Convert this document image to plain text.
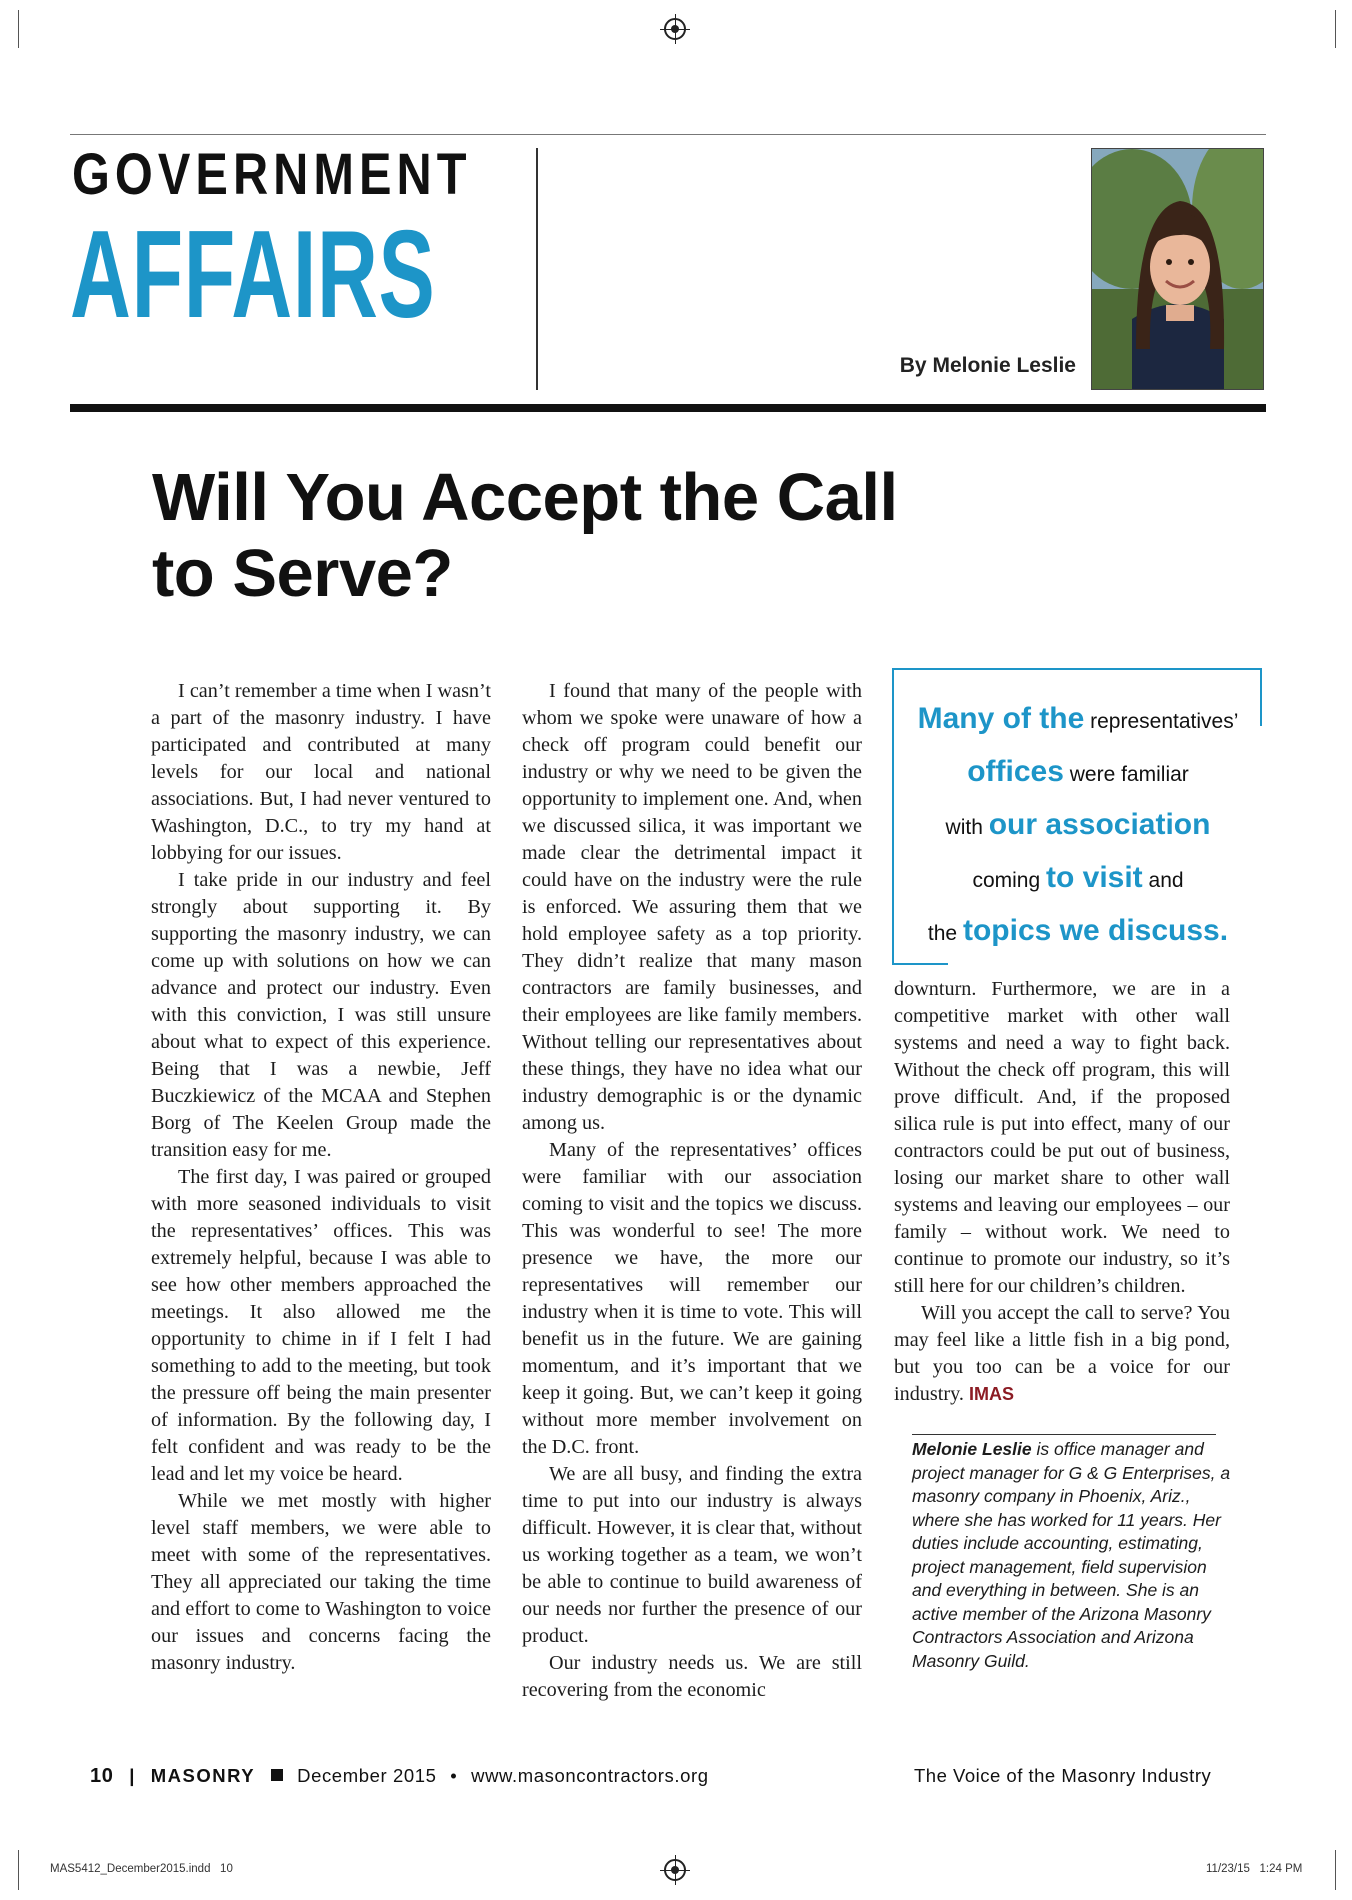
GOVERNMENT
AFFAIRS
By Melonie Leslie
Will You Accept the Call
to Serve?

I can’t remember a time when I wasn’t a part of the masonry industry. I have participated and contributed at many levels for our local and national associations. But, I had never ventured to Washington, D.C., to try my hand at lobbying for our issues.

I take pride in our industry and feel strongly about supporting it. By supporting the masonry industry, we can come up with solutions on how we can advance and protect our industry. Even with this conviction, I was still unsure about what to expect of this experience. Being that I was a newbie, Jeff Buczkiewicz of the MCAA and Stephen Borg of The Keelen Group made the transition easy for me.

The first day, I was paired or grouped with more seasoned individuals to visit the representatives’ offices. This was extremely helpful, because I was able to see how other members approached the meetings. It also allowed me the opportunity to chime in if I felt I had something to add to the meeting, but took the pressure off being the main presenter of information. By the following day, I felt confident and was ready to be the lead and let my voice be heard.

While we met mostly with higher level staff members, we were able to meet with some of the representatives. They all appreciated our taking the time and effort to come to Washington to voice our issues and concerns facing the masonry industry.

I found that many of the people with whom we spoke were unaware of how a check off program could benefit our industry or why we need to be given the opportunity to implement one. And, when we discussed silica, it was important we made clear the detrimental impact it could have on the industry were the rule is enforced. We assuring them that we hold employee safety as a top priority. They didn’t realize that many mason contractors are family businesses, and their employees are like family members. Without telling our representatives about these things, they have no idea what our industry demographic is or the dynamic among us.

Many of the representatives’ offices were familiar with our association coming to visit and the topics we discuss. This was wonderful to see! The more presence we have, the more our representatives will remember our industry when it is time to vote. This will benefit us in the future. We are gaining momentum, and it’s important that we keep it going. But, we can’t keep it going without more member involvement on the D.C. front.

We are all busy, and finding the extra time to put into our industry is always difficult. However, it is clear that, without us working together as a team, we won’t be able to continue to build awareness of our needs nor further the presence of our product.

Our industry needs us. We are still recovering from the economic

Many of the representatives’
offices were familiar
with our association
coming to visit and
the topics we discuss.

downturn. Furthermore, we are in a competitive market with other wall systems and need a way to fight back. Without the check off program, this will prove difficult. And, if the proposed silica rule is put into effect, many of our contractors could be put out of business, losing our market share to other wall systems and leaving our employees – our family – without work. We need to continue to promote our industry, so it’s still here for our children’s children.

Will you accept the call to serve? You may feel like a little fish in a big pond, but you too can be a voice for our industry. IMAS

Melonie Leslie is office manager and project manager for G & G Enterprises, a masonry company in Phoenix, Ariz., where she has worked for 11 years. Her duties include accounting, estimating, project management, field supervision and everything in between. She is an active member of the Arizona Masonry Contractors Association and Arizona Masonry Guild.
10 | MASONRY December 2015 • www.masoncontractors.org	The Voice of the Masonry Industry
MAS5412_December2015.indd   10	11/23/15   1:24 PM
